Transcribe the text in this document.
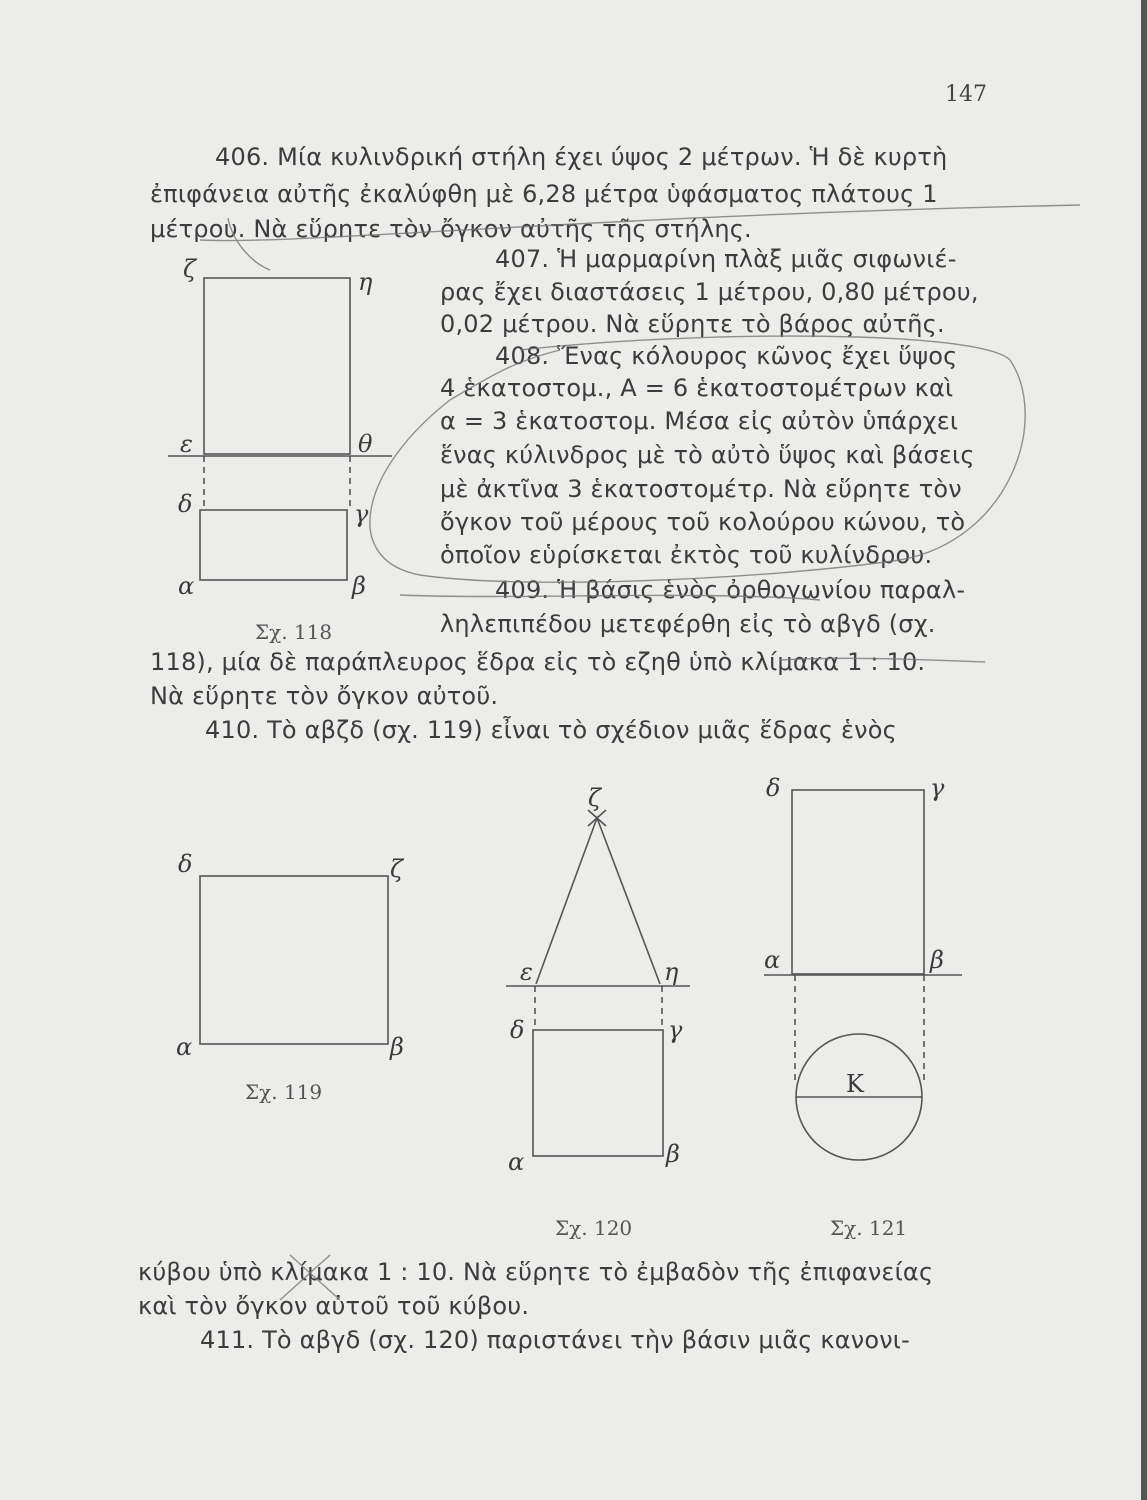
147
406. Μία κυλινδρική στήλη έχει ύψος 2 μέτρων. Ἡ δὲ κυρτὴ
ἐπιφάνεια αὐτῆς ἐκαλύφθη μὲ 6,28 μέτρα ὑφάσματος πλάτους 1
μέτρου. Νὰ εὕρητε τὸν ὄγκον αὐτῆς τῆς στήλης.
407. Ἡ μαρμαρίνη πλὰξ μιᾶς σιφωνιέ-
ρας ἔχει διαστάσεις 1 μέτρου, 0,80 μέτρου,
0,02 μέτρου. Νὰ εὕρητε τὸ βάρος αὐτῆς.
408. Ἕνας κόλουρος κῶνος ἔχει ὕψος
4 ἑκατοστομ., Α = 6 ἑκατοστομέτρων καὶ
α = 3 ἑκατοστομ. Μέσα εἰς αὐτὸν ὑπάρχει
ἕνας κύλινδρος μὲ τὸ αὐτὸ ὕψος καὶ βάσεις
μὲ ἀκτῖνα 3 ἑκατοστομέτρ. Νὰ εὕρητε τὸν
ὄγκον τοῦ μέρους τοῦ κολούρου κώνου, τὸ
ὁποῖον εὑρίσκεται ἐκτὸς τοῦ κυλίνδρου.
409. Ἡ βάσις ἑνὸς ὀρθογωνίου παραλ-
ληλεπιπέδου μετεφέρθη εἰς τὸ αβγδ (σχ.
118), μία δὲ παράπλευρος ἕδρα εἰς τὸ εζηθ ὑπὸ κλίμακα 1 : 10.
Νὰ εὕρητε τὸν ὄγκον αὐτοῦ.
410. Τὸ αβζδ (σχ. 119) εἶναι τὸ σχέδιον μιᾶς ἕδρας ἑνὸς
κύβου ὑπὸ κλίμακα 1 : 10. Νὰ εὕρητε τὸ ἐμβαδὸν τῆς ἐπιφανείας
καὶ τὸν ὄγκον αὐτοῦ τοῦ κύβου.
411. Τὸ αβγδ (σχ. 120) παριστάνει τὴν βάσιν μιᾶς κανονι-
ζ	η
ε	θ
δ	γ
α	β
Σχ. 118
δ	ζ
α	β
Σχ. 119
ζ
ε	η
δ	γ
α	β
Σχ. 120
δ	γ
α	β
Κ
Σχ. 121
